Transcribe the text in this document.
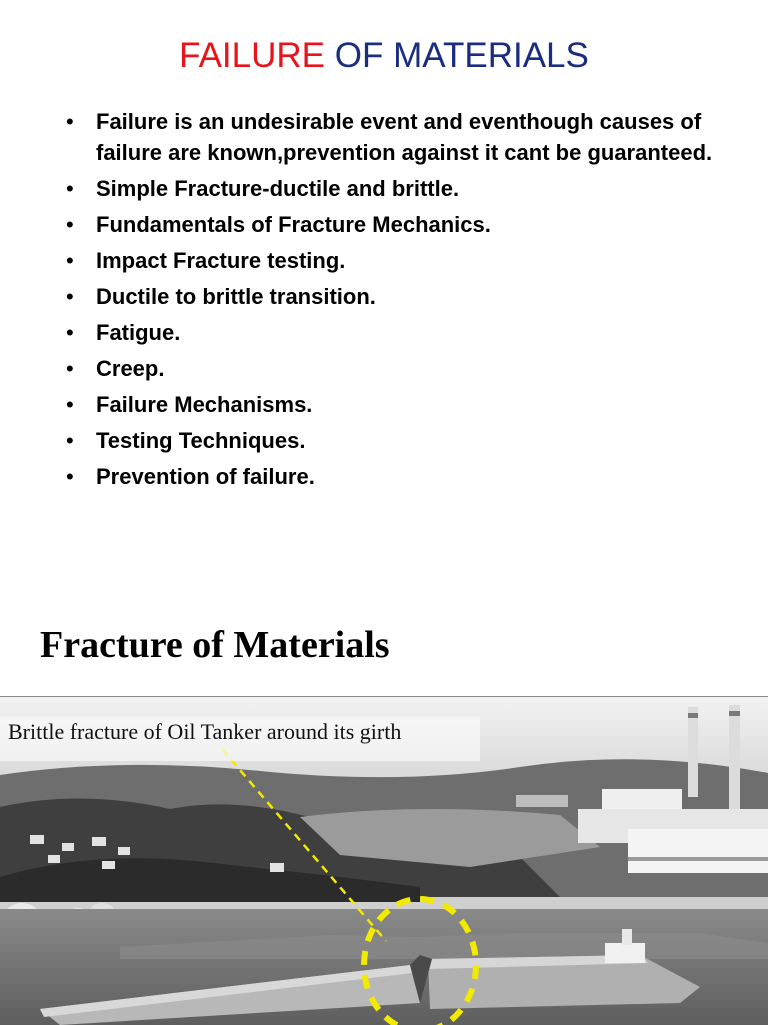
FAILURE OF MATERIALS
• Failure is an undesirable event and eventhough causes of failure are known,prevention against it cant be guaranteed.
• Simple Fracture-ductile and brittle.
• Fundamentals of Fracture Mechanics.
• Impact Fracture testing.
• Ductile to brittle transition.
• Fatigue.
• Creep.
• Failure Mechanisms.
• Testing Techniques.
• Prevention of failure.
Fracture of Materials
Brittle fracture of Oil Tanker around its girth
